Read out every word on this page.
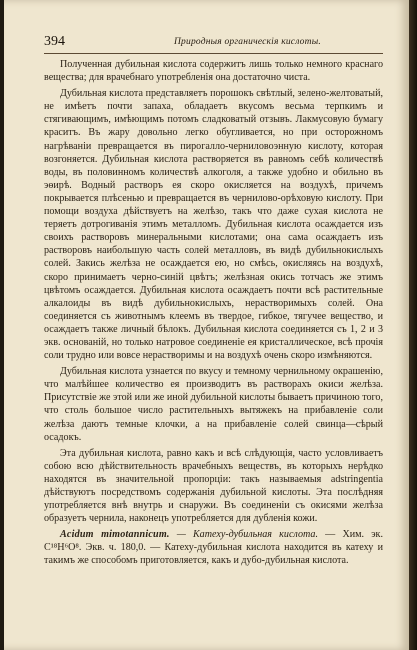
394	Природныя органическія кислоты.

Полученная дубильная кислота содержитъ лишь только немного краснаго вещества; для врачебнаго употребленія она достаточно чиста.

Дубильная кислота представляетъ порошокъ свѣтлый, зелено-желтоватый, не имѣетъ почти запаха, обладаетъ вкусомъ весьма терпкимъ и стягивающимъ, имѣющимъ потомъ сладковатый отзывъ. Лакмусовую бумагу краситъ. Въ жару довольно легко обугливается, но при осторожномъ нагрѣваніи превращается въ пирогалло-черниловоэнную кислоту, которая возгоняется. Дубильная кислота растворяется въ равномъ себѣ количествѣ воды, въ половинномъ количествѣ алкоголя, а также удобно и обильно въ эѳирѣ. Водный растворъ ея скоро окисляется на воздухѣ, причемъ покрывается плѣсенью и превращается въ чернилово-орѣховую кислоту. При помощи воздуха дѣйствуетъ на желѣзо, такъ что даже сухая кислота не теряетъ дотрогиванія этимъ металломъ. Дубильная кислота осаждается изъ своихъ растворовъ минеральными кислотами; она сама осаждаетъ изъ растворовъ наибольшую часть солей металловъ, въ видѣ дубильнокислыхъ солей. Закись желѣза не осаждается ею, но смѣсь, окисляясь на воздухѣ, скоро принимаетъ черно-синій цвѣтъ; желѣзная окись тотчасъ же этимъ цвѣтомъ осаждается. Дубильная кислота осаждаетъ почти всѣ растительные алкалоиды въ видѣ дубильнокислыхъ, нерастворимыхъ солей. Она соединяется съ животнымъ клеемъ въ твердое, гибкое, тягучее вещество, и осаждаетъ также личный бѣлокъ. Дубильная кислота соединяется съ 1, 2 и 3 экв. основаній, но только натровое соединеніе ея кристаллическое, всѣ прочія соли трудно или вовсе нерастворимы и на воздухѣ очень скоро измѣняются.

Дубильная кислота узнается по вкусу и темному чернильному окрашенію, что малѣйшее количество ея производитъ въ растворахъ окиси желѣза. Присутствіе же этой или же иной дубильной кислоты бываетъ причиною того, что столь большое число растительныхъ вытяжекъ на прибавленіе соли желѣза даютъ темные клочки, а на прибавленіе солей свинца—сѣрый осадокъ.

Эта дубильная кислота, равно какъ и всѣ слѣдующія, часто условливаетъ собою всю дѣйствительность врачебныхъ веществъ, въ которыхъ нерѣдко находятся въ значительной пропорціи: такъ называемыя adstringentia дѣйствуютъ посредствомъ содержанія дубильной кислоты. Эта послѣдняя употребляется внѣ внутрь и снаружи. Въ соединеніи съ окисями желѣза образуетъ чернила, наконецъ употребляется для дубленія кожи.

Acidum mimotannicum. — Катеху-дубильная кислота. — Хим. эк. C¹⁸H⁶O⁸. Экв. ч. 180,0. — Катеху-дубильная кислота находится въ катеху и такимъ же способомъ приготовляется, какъ и дубо-дубильная кислота.
